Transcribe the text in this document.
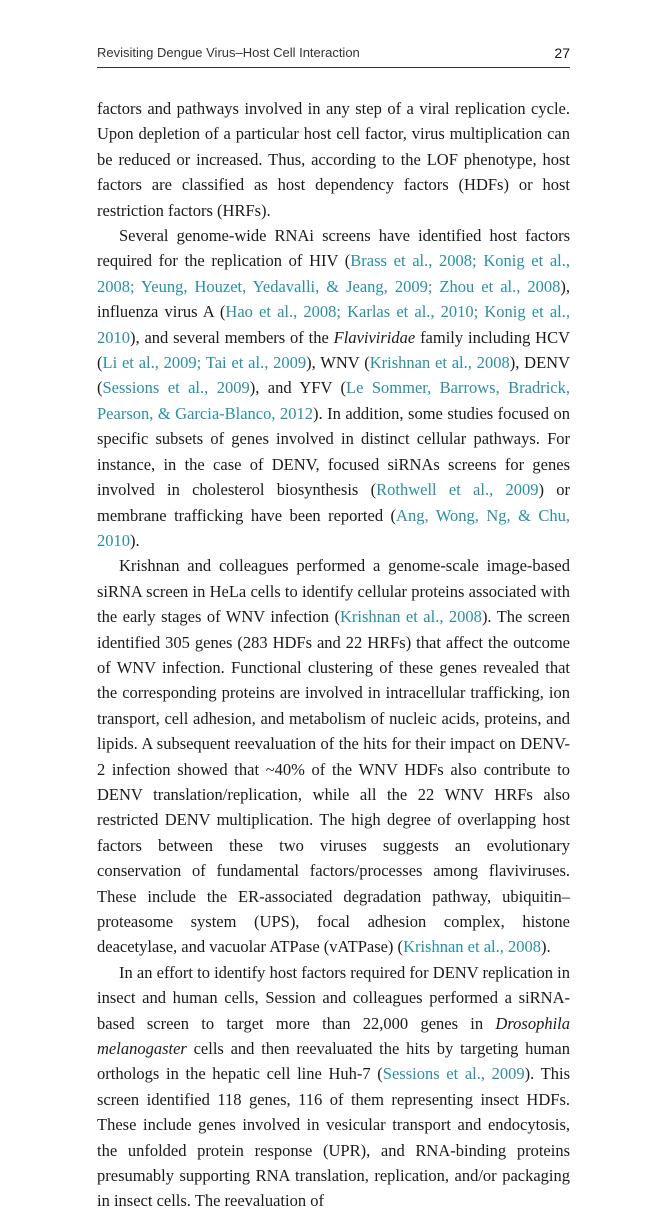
Revisiting Dengue Virus–Host Cell Interaction	27

factors and pathways involved in any step of a viral replication cycle. Upon depletion of a particular host cell factor, virus multiplication can be reduced or increased. Thus, according to the LOF phenotype, host factors are classified as host dependency factors (HDFs) or host restriction factors (HRFs).

Several genome-wide RNAi screens have identified host factors required for the replication of HIV (Brass et al., 2008; Konig et al., 2008; Yeung, Houzet, Yedavalli, & Jeang, 2009; Zhou et al., 2008), influenza virus A (Hao et al., 2008; Karlas et al., 2010; Konig et al., 2010), and several members of the Flaviviridae family including HCV (Li et al., 2009; Tai et al., 2009), WNV (Krishnan et al., 2008), DENV (Sessions et al., 2009), and YFV (Le Sommer, Barrows, Bradrick, Pearson, & Garcia-Blanco, 2012). In addition, some studies focused on specific subsets of genes involved in distinct cellular pathways. For instance, in the case of DENV, focused siRNAs screens for genes involved in cholesterol biosynthesis (Rothwell et al., 2009) or membrane trafficking have been reported (Ang, Wong, Ng, & Chu, 2010).

Krishnan and colleagues performed a genome-scale image-based siRNA screen in HeLa cells to identify cellular proteins associated with the early stages of WNV infection (Krishnan et al., 2008). The screen identified 305 genes (283 HDFs and 22 HRFs) that affect the outcome of WNV infection. Functional clustering of these genes revealed that the corresponding proteins are involved in intracellular trafficking, ion transport, cell adhesion, and metabolism of nucleic acids, proteins, and lipids. A subsequent reevaluation of the hits for their impact on DENV-2 infection showed that ~40% of the WNV HDFs also contribute to DENV translation/replication, while all the 22 WNV HRFs also restricted DENV multiplication. The high degree of overlapping host factors between these two viruses suggests an evolutionary conservation of fundamental factors/processes among flaviviruses. These include the ER-associated degradation pathway, ubiquitin–proteasome system (UPS), focal adhesion complex, histone deacetylase, and vacuolar ATPase (vATPase) (Krishnan et al., 2008).

In an effort to identify host factors required for DENV replication in insect and human cells, Session and colleagues performed a siRNA-based screen to target more than 22,000 genes in Drosophila melanogaster cells and then reevaluated the hits by targeting human orthologs in the hepatic cell line Huh-7 (Sessions et al., 2009). This screen identified 118 genes, 116 of them representing insect HDFs. These include genes involved in vesicular transport and endocytosis, the unfolded protein response (UPR), and RNA-binding proteins presumably supporting RNA translation, replication, and/or packaging in insect cells. The reevaluation of
